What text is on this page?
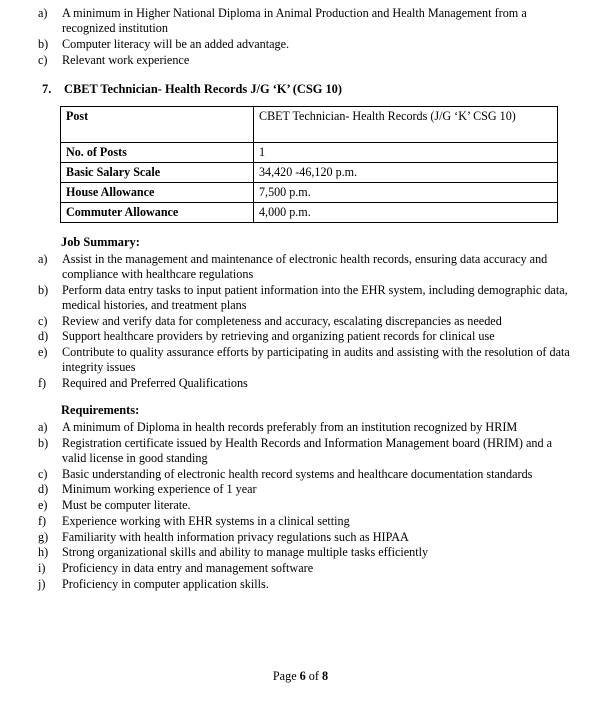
a)	A minimum in Higher National Diploma in Animal Production and Health Management from a recognized institution
b)	Computer literacy will be an added advantage.
c)	Relevant work experience
7. CBET Technician- Health Records J/G ‘K’ (CSG 10)
Post	CBET Technician- Health Records (J/G ‘K’ CSG 10)
No. of Posts	1
Basic Salary Scale	34,420 -46,120 p.m.
House Allowance	7,500 p.m.
Commuter Allowance	4,000 p.m.
Job Summary:
a)	Assist in the management and maintenance of electronic health records, ensuring data accuracy and compliance with healthcare regulations
b)	Perform data entry tasks to input patient information into the EHR system, including demographic data, medical histories, and treatment plans
c)	Review and verify data for completeness and accuracy, escalating discrepancies as needed
d)	Support healthcare providers by retrieving and organizing patient records for clinical use
e)	Contribute to quality assurance efforts by participating in audits and assisting with the resolution of data integrity issues
f)	Required and Preferred Qualifications
Requirements:
a)	A minimum of Diploma in health records preferably from an institution recognized by HRIM
b)	Registration certificate issued by Health Records and Information Management board (HRIM) and a valid license in good standing
c)	Basic understanding of electronic health record systems and healthcare documentation standards
d)	Minimum working experience of 1 year
e)	Must be computer literate.
f)	Experience working with EHR systems in a clinical setting
g)	Familiarity with health information privacy regulations such as HIPAA
h)	Strong organizational skills and ability to manage multiple tasks efficiently
i)	Proficiency in data entry and management software
j)	Proficiency in computer application skills.
Page 6 of 8
